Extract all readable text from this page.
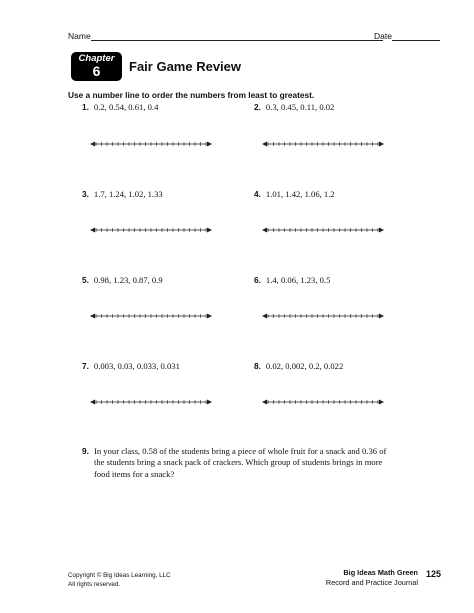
Name	Date
Chapter
6	Fair Game Review
Use a number line to order the numbers from least to greatest.
1. 0.2, 0.54, 0.61, 0.4	2. 0.3, 0.45, 0.11, 0.02
3. 1.7, 1.24, 1.02, 1.33	4. 1.01, 1.42, 1.06, 1.2
5. 0.98, 1.23, 0.87, 0.9	6. 1.4, 0.06, 1.23, 0.5
7. 0.003, 0.03, 0.033, 0.031	8. 0.02, 0.002, 0.2, 0.022
9. In your class, 0.58 of the students bring a piece of whole fruit for a snack and 0.36 of the students bring a snack pack of crackers. Which group of students brings in more food items for a snack?
Copyright © Big Ideas Learning, LLC
All rights reserved.
Big Ideas Math Green
Record and Practice Journal
125
